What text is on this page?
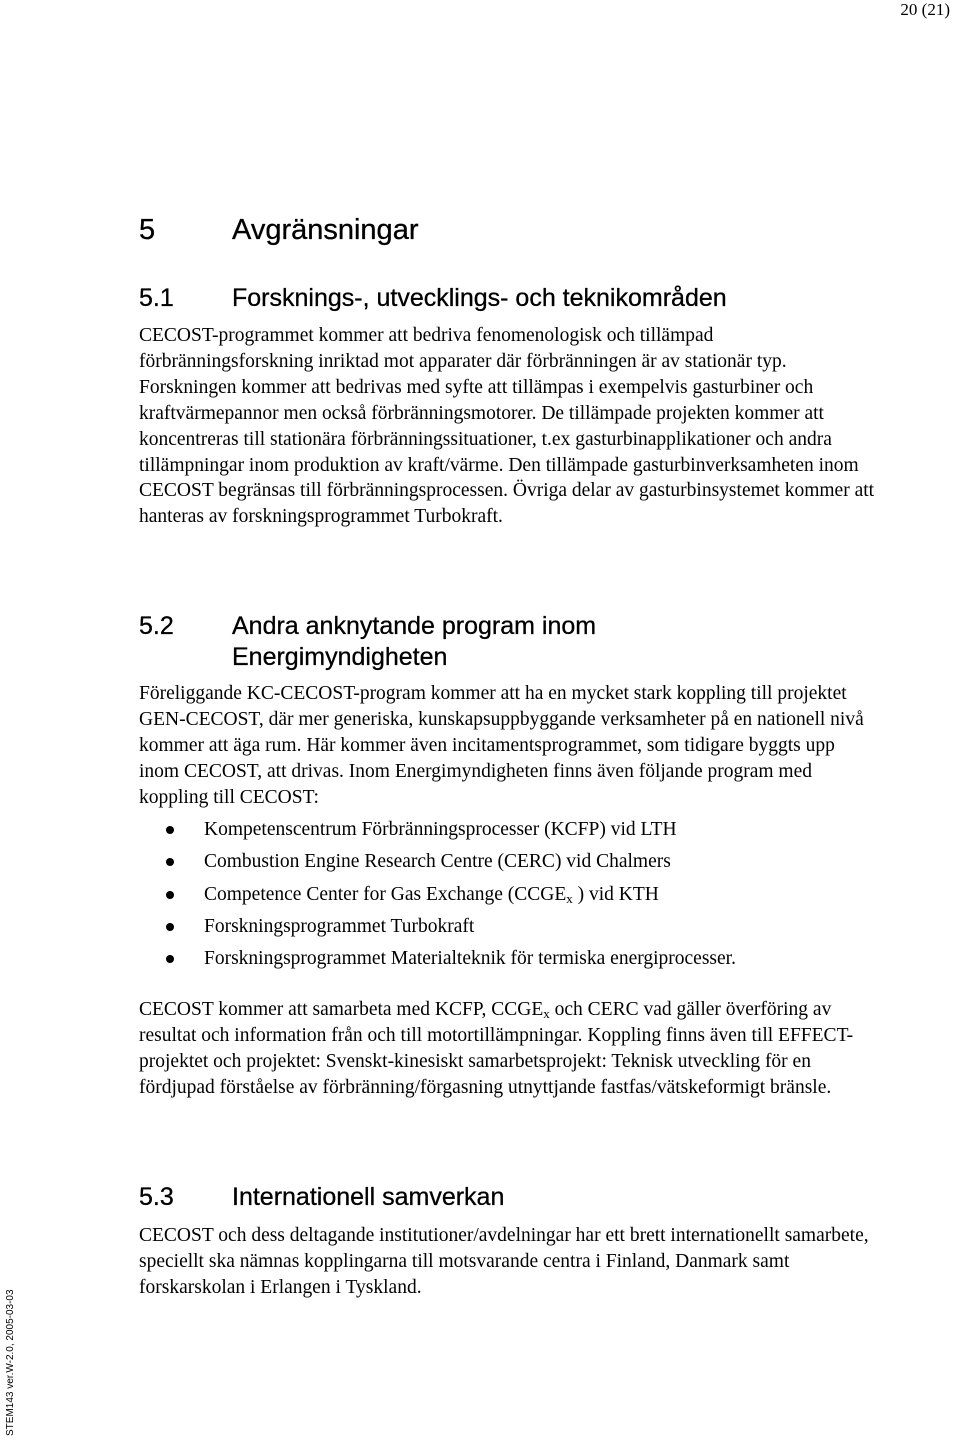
20 (21)
STEM143 ver.W-2.0, 2005-03-03
5	Avgränsningar
5.1	Forsknings-, utvecklings- och teknikområden

CECOST-programmet kommer att bedriva fenomenologisk och tillämpad förbränningsforskning inriktad mot apparater där förbränningen är av stationär typ. Forskningen kommer att bedrivas med syfte att tillämpas i exempelvis gasturbiner och kraftvärmepannor men också förbränningsmotorer. De tillämpade projekten kommer att koncentreras till stationära förbränningssituationer, t.ex gasturbinapplikationer och andra tillämpningar inom produktion av kraft/värme. Den tillämpade gasturbinverksamheten inom CECOST begränsas till förbränningsprocessen. Övriga delar av gasturbinsystemet kommer att hanteras av forskningsprogrammet Turbokraft.

5.2	Andra anknytande program inom
Energimyndigheten

Föreliggande KC-CECOST-program kommer att ha en mycket stark koppling till projektet GEN-CECOST, där mer generiska, kunskapsuppbyggande verksamheter på en nationell nivå kommer att äga rum. Här kommer även incitamentsprogrammet, som tidigare byggts upp inom CECOST, att drivas. Inom Energimyndigheten finns även följande program med koppling till CECOST:

Kompetenscentrum Förbränningsprocesser (KCFP) vid LTH
Combustion Engine Research Centre (CERC) vid Chalmers
Competence Center for Gas Exchange ($CCGE_x$ ) vid KTH
Forskningsprogrammet Turbokraft
Forskningsprogrammet Materialteknik för termiska energiprocesser.

CECOST kommer att samarbeta med KCFP, $CCGE_x$ och CERC vad gäller överföring av resultat och information från och till motortillämpningar. Koppling finns även till EFFECT-projektet och projektet: Svenskt-kinesiskt samarbetsprojekt: Teknisk utveckling för en fördjupad förståelse av förbränning/förgasning utnyttjande fastfas/vätskeformigt bränsle.

5.3	Internationell samverkan

CECOST och dess deltagande institutioner/avdelningar har ett brett internationellt samarbete, speciellt ska nämnas kopplingarna till motsvarande centra i Finland, Danmark samt forskarskolan i Erlangen i Tyskland.
